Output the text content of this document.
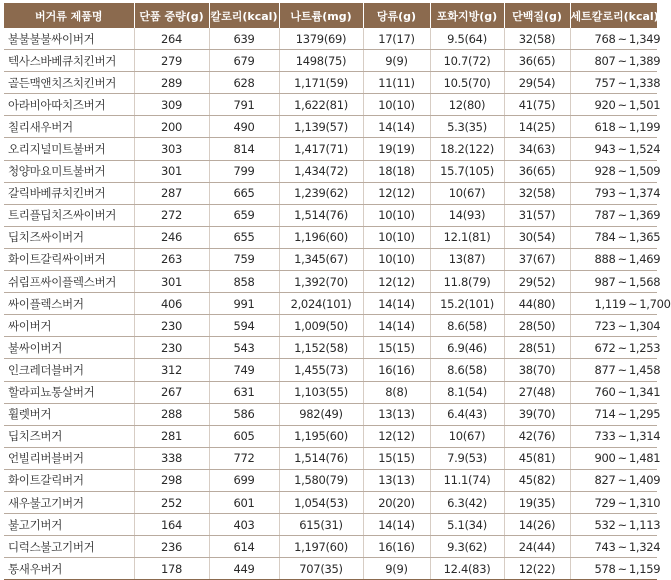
버거류 제품명	단품 중량(g)	칼로리(kcal)	나트륨(mg)	당류(g)	포화지방(g)	단백질(g)	세트칼로리(kcal)
불불불불싸이버거	264	639	1379(69)	17(17)	9.5(64)	32(58)	768 ~ 1,349

텍사스바베큐치킨버거	279	679	1498(75)	9(9)	10.7(72)	36(65)	807 ~ 1,389

골든맥앤치즈치킨버거	289	628	1,171(59)	11(11)	10.5(70)	29(54)	757 ~ 1,338

아라비아따치즈버거	309	791	1,622(81)	10(10)	12(80)	41(75)	920 ~ 1,501

칠리새우버거	200	490	1,139(57)	14(14)	5.3(35)	14(25)	618 ~ 1,199

오리지널미트불버거	303	814	1,417(71)	19(19)	18.2(122)	34(63)	943 ~ 1,524

청양마요미트불버거	301	799	1,434(72)	18(18)	15.7(105)	36(65)	928 ~ 1,509

갈릭바베큐치킨버거	287	665	1,239(62)	12(12)	10(67)	32(58)	793 ~ 1,374

트리플딥치즈싸이버거	272	659	1,514(76)	10(10)	14(93)	31(57)	787 ~ 1,369

딥치즈싸이버거	246	655	1,196(60)	10(10)	12.1(81)	30(54)	784 ~ 1,365

화이트갈릭싸이버거	263	759	1,345(67)	10(10)	13(87)	37(67)	888 ~ 1,469

쉬림프싸이플렉스버거	301	858	1,392(70)	12(12)	11.8(79)	29(52)	987 ~ 1,568

싸이플렉스버거	406	991	2,024(101)	14(14)	15.2(101)	44(80)	1,119 ~ 1,700

싸이버거	230	594	1,009(50)	14(14)	8.6(58)	28(50)	723 ~ 1,304

불싸이버거	230	543	1,152(58)	15(15)	6.9(46)	28(51)	672 ~ 1,253

인크레더블버거	312	749	1,455(73)	16(16)	8.6(58)	38(70)	877 ~ 1,458

할라피뇨통살버거	267	631	1,103(55)	8(8)	8.1(54)	27(48)	760 ~ 1,341

휠렛버거	288	586	982(49)	13(13)	6.4(43)	39(70)	714 ~ 1,295

딥치즈버거	281	605	1,195(60)	12(12)	10(67)	42(76)	733 ~ 1,314

언빌리버블버거	338	772	1,514(76)	15(15)	7.9(53)	45(81)	900 ~ 1,481

화이트갈릭버거	298	699	1,580(79)	13(13)	11.1(74)	45(82)	827 ~ 1,409

새우불고기버거	252	601	1,054(53)	20(20)	6.3(42)	19(35)	729 ~ 1,310

불고기버거	164	403	615(31)	14(14)	5.1(34)	14(26)	532 ~ 1,113

디럭스불고기버거	236	614	1,197(60)	16(16)	9.3(62)	24(44)	743 ~ 1,324

통새우버거	178	449	707(35)	9(9)	12.4(83)	12(22)	578 ~ 1,159
